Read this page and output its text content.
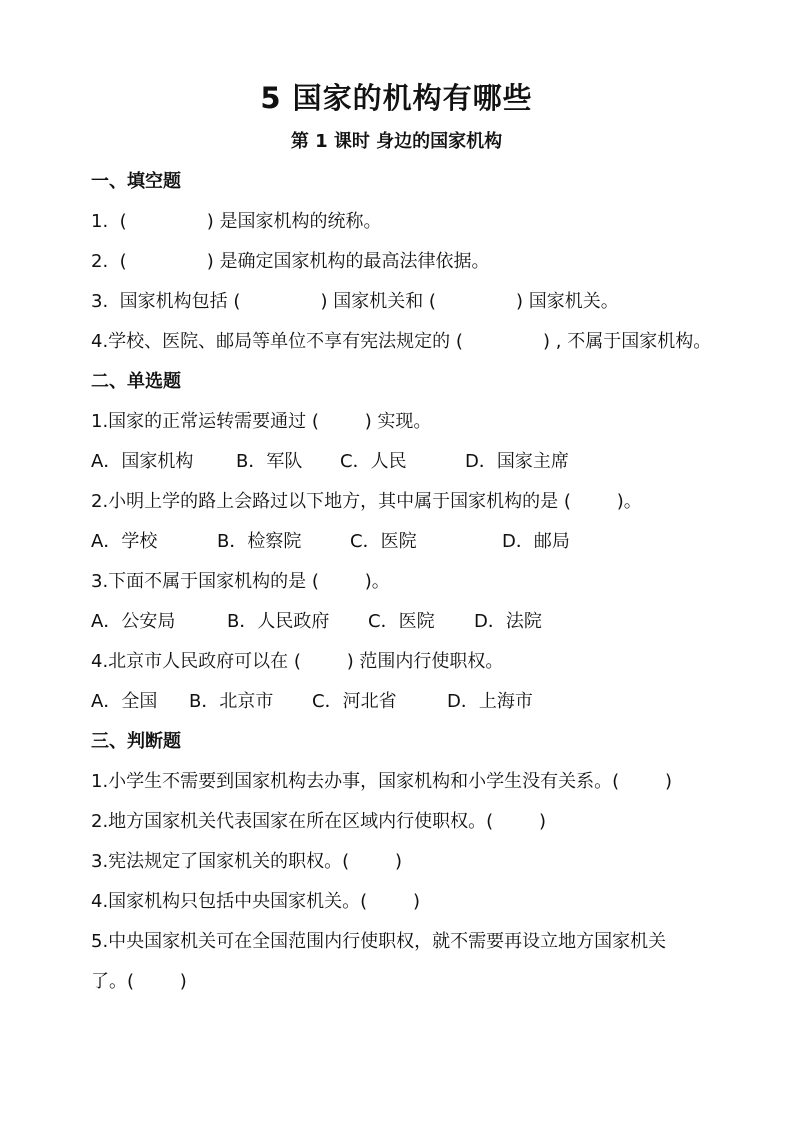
5 国家的机构有哪些
第 1 课时 身边的国家机构
一、填空题
1.  (              ) 是国家机构的统称。
2.  (              ) 是确定国家机构的最高法律依据。
3.  国家机构包括 (              ) 国家机关和 (              ) 国家机关。
4.学校、医院、邮局等单位不享有宪法规定的 (              ) , 不属于国家机构。
二、单选题
1.国家的正常运转需要通过 (        ) 实现。
A．国家机构 B．军队 C．人民	D．国家主席
2.小明上学的路上会路过以下地方，其中属于国家机构的是 (        )。
A．学校	B．检察院	C．医院	D．邮局
3.下面不属于国家机构的是 (        )。
A．公安局	B．人民政府 C．医院 D．法院
4.北京市人民政府可以在 (        ) 范围内行使职权。
A．全国 B．北京市 C．河北省	D．上海市
三、判断题
1.小学生不需要到国家机构去办事，国家机构和小学生没有关系。(        )
2.地方国家机关代表国家在所在区域内行使职权。(        )
3.宪法规定了国家机关的职权。(        )
4.国家机构只包括中央国家机关。(        )
5.中央国家机关可在全国范围内行使职权，就不需要再设立地方国家机关
了。(        )
